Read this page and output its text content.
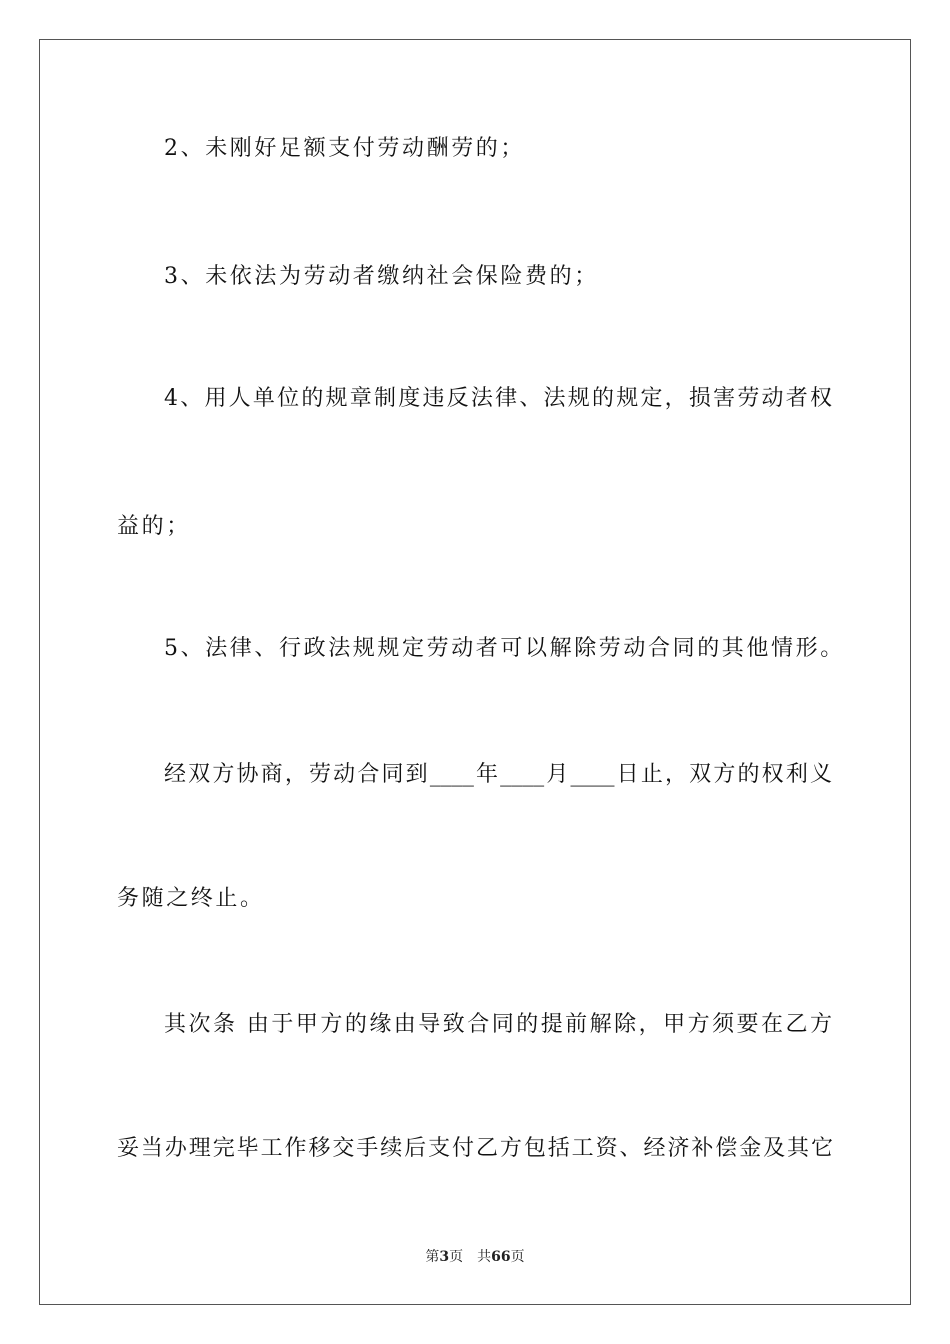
2、未刚好足额支付劳动酬劳的；
3、未依法为劳动者缴纳社会保险费的；
4、用人单位的规章制度违反法律、法规的规定，损害劳动者权
益的；
5、法律、行政法规规定劳动者可以解除劳动合同的其他情形。
经双方协商，劳动合同到____年____月____日止，双方的权利义
务随之终止。
其次条 由于甲方的缘由导致合同的提前解除，甲方须要在乙方
妥当办理完毕工作移交手续后支付乙方包括工资、经济补偿金及其它
第3页 共66页
